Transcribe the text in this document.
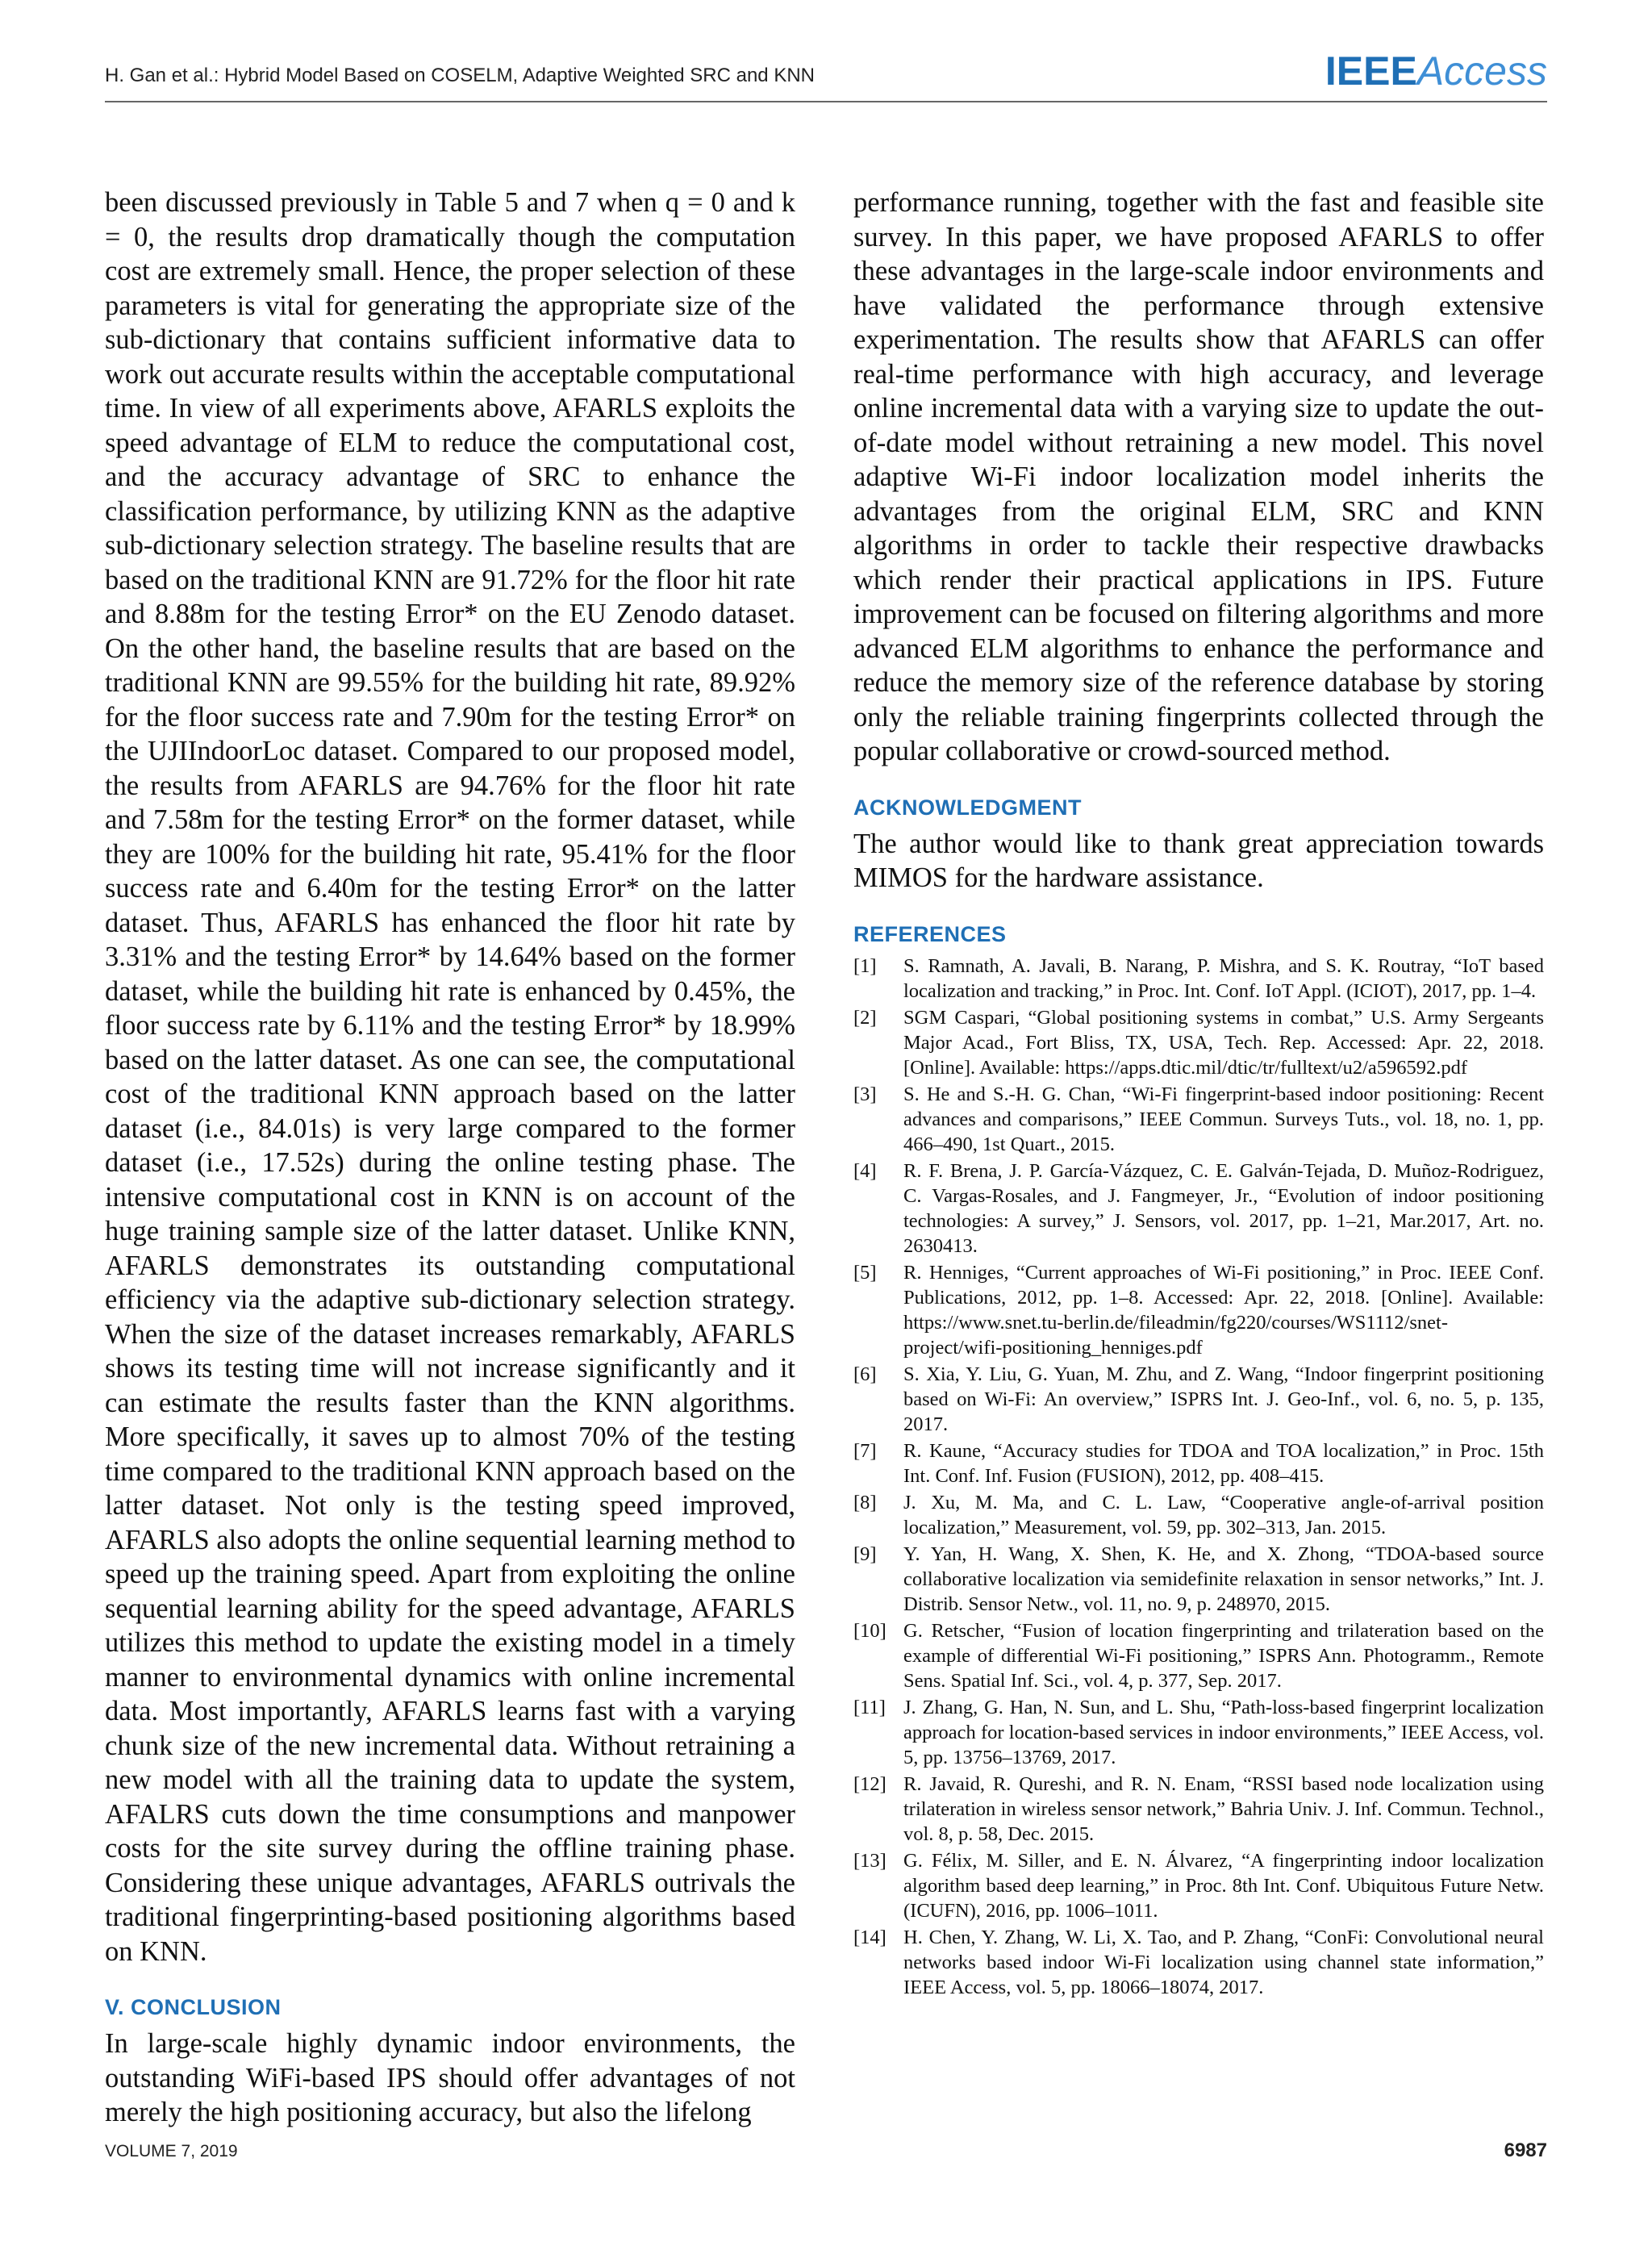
H. Gan et al.: Hybrid Model Based on COSELM, Adaptive Weighted SRC and KNN	IEEEAccess

been discussed previously in Table 5 and 7 when q = 0 and k = 0, the results drop dramatically though the computation cost are extremely small. Hence, the proper selection of these parameters is vital for generating the appropriate size of the sub-dictionary that contains sufficient informative data to work out accurate results within the acceptable computational time. In view of all experiments above, AFARLS exploits the speed advantage of ELM to reduce the computational cost, and the accuracy advantage of SRC to enhance the classification performance, by utilizing KNN as the adaptive sub-dictionary selection strategy. The baseline results that are based on the traditional KNN are 91.72% for the floor hit rate and 8.88m for the testing Error* on the EU Zenodo dataset. On the other hand, the baseline results that are based on the traditional KNN are 99.55% for the building hit rate, 89.92% for the floor success rate and 7.90m for the testing Error* on the UJIIndoorLoc dataset. Compared to our proposed model, the results from AFARLS are 94.76% for the floor hit rate and 7.58m for the testing Error* on the former dataset, while they are 100% for the building hit rate, 95.41% for the floor success rate and 6.40m for the testing Error* on the latter dataset. Thus, AFARLS has enhanced the floor hit rate by 3.31% and the testing Error* by 14.64% based on the former dataset, while the building hit rate is enhanced by 0.45%, the floor success rate by 6.11% and the testing Error* by 18.99% based on the latter dataset. As one can see, the computational cost of the traditional KNN approach based on the latter dataset (i.e., 84.01s) is very large compared to the former dataset (i.e., 17.52s) during the online testing phase. The intensive computational cost in KNN is on account of the huge training sample size of the latter dataset. Unlike KNN, AFARLS demonstrates its outstanding computational efficiency via the adaptive sub-dictionary selection strategy. When the size of the dataset increases remarkably, AFARLS shows its testing time will not increase significantly and it can estimate the results faster than the KNN algorithms. More specifically, it saves up to almost 70% of the testing time compared to the traditional KNN approach based on the latter dataset. Not only is the testing speed improved, AFARLS also adopts the online sequential learning method to speed up the training speed. Apart from exploiting the online sequential learning ability for the speed advantage, AFARLS utilizes this method to update the existing model in a timely manner to environmental dynamics with online incremental data. Most importantly, AFARLS learns fast with a varying chunk size of the new incremental data. Without retraining a new model with all the training data to update the system, AFALRS cuts down the time consumptions and manpower costs for the site survey during the offline training phase. Considering these unique advantages, AFARLS outrivals the traditional fingerprinting-based positioning algorithms based on KNN.

V. CONCLUSION

In large-scale highly dynamic indoor environments, the outstanding WiFi-based IPS should offer advantages of not merely the high positioning accuracy, but also the lifelong

performance running, together with the fast and feasible site survey. In this paper, we have proposed AFARLS to offer these advantages in the large-scale indoor environments and have validated the performance through extensive experimentation. The results show that AFARLS can offer real-time performance with high accuracy, and leverage online incremental data with a varying size to update the out-of-date model without retraining a new model. This novel adaptive Wi-Fi indoor localization model inherits the advantages from the original ELM, SRC and KNN algorithms in order to tackle their respective drawbacks which render their practical applications in IPS. Future improvement can be focused on filtering algorithms and more advanced ELM algorithms to enhance the performance and reduce the memory size of the reference database by storing only the reliable training fingerprints collected through the popular collaborative or crowd-sourced method.

ACKNOWLEDGMENT

The author would like to thank great appreciation towards MIMOS for the hardware assistance.

REFERENCES
[1]	S. Ramnath, A. Javali, B. Narang, P. Mishra, and S. K. Routray, “IoT based localization and tracking,” in Proc. Int. Conf. IoT Appl. (ICIOT), 2017, pp. 1–4.
[2]	SGM Caspari, “Global positioning systems in combat,” U.S. Army Sergeants Major Acad., Fort Bliss, TX, USA, Tech. Rep. Accessed: Apr. 22, 2018. [Online]. Available: https://apps.dtic.mil/dtic/tr/fulltext/u2/a596592.pdf
[3]	S. He and S.-H. G. Chan, “Wi-Fi fingerprint-based indoor positioning: Recent advances and comparisons,” IEEE Commun. Surveys Tuts., vol. 18, no. 1, pp. 466–490, 1st Quart., 2015.
[4]	R. F. Brena, J. P. García-Vázquez, C. E. Galván-Tejada, D. Muñoz-Rodriguez, C. Vargas-Rosales, and J. Fangmeyer, Jr., “Evolution of indoor positioning technologies: A survey,” J. Sensors, vol. 2017, pp. 1–21, Mar.2017, Art. no. 2630413.
[5]	R. Henniges, “Current approaches of Wi-Fi positioning,” in Proc. IEEE Conf. Publications, 2012, pp. 1–8. Accessed: Apr. 22, 2018. [Online]. Available: https://www.snet.tu-berlin.de/fileadmin/fg220/courses/WS1112/snet-project/wifi-positioning_henniges.pdf
[6]	S. Xia, Y. Liu, G. Yuan, M. Zhu, and Z. Wang, “Indoor fingerprint positioning based on Wi-Fi: An overview,” ISPRS Int. J. Geo-Inf., vol. 6, no. 5, p. 135, 2017.
[7]	R. Kaune, “Accuracy studies for TDOA and TOA localization,” in Proc. 15th Int. Conf. Inf. Fusion (FUSION), 2012, pp. 408–415.
[8]	J. Xu, M. Ma, and C. L. Law, “Cooperative angle-of-arrival position localization,” Measurement, vol. 59, pp. 302–313, Jan. 2015.
[9]	Y. Yan, H. Wang, X. Shen, K. He, and X. Zhong, “TDOA-based source collaborative localization via semidefinite relaxation in sensor networks,” Int. J. Distrib. Sensor Netw., vol. 11, no. 9, p. 248970, 2015.
[10] G. Retscher, “Fusion of location fingerprinting and trilateration based on the example of differential Wi-Fi positioning,” ISPRS Ann. Photogramm., Remote Sens. Spatial Inf. Sci., vol. 4, p. 377, Sep. 2017.
[11] J. Zhang, G. Han, N. Sun, and L. Shu, “Path-loss-based fingerprint localization approach for location-based services in indoor environments,” IEEE Access, vol. 5, pp. 13756–13769, 2017.
[12] R. Javaid, R. Qureshi, and R. N. Enam, “RSSI based node localization using trilateration in wireless sensor network,” Bahria Univ. J. Inf. Commun. Technol., vol. 8, p. 58, Dec. 2015.
[13] G. Félix, M. Siller, and E. N. Álvarez, “A fingerprinting indoor localization algorithm based deep learning,” in Proc. 8th Int. Conf. Ubiquitous Future Netw. (ICUFN), 2016, pp. 1006–1011.
[14] H. Chen, Y. Zhang, W. Li, X. Tao, and P. Zhang, “ConFi: Convolutional neural networks based indoor Wi-Fi localization using channel state information,” IEEE Access, vol. 5, pp. 18066–18074, 2017.
VOLUME 7, 2019	6987
